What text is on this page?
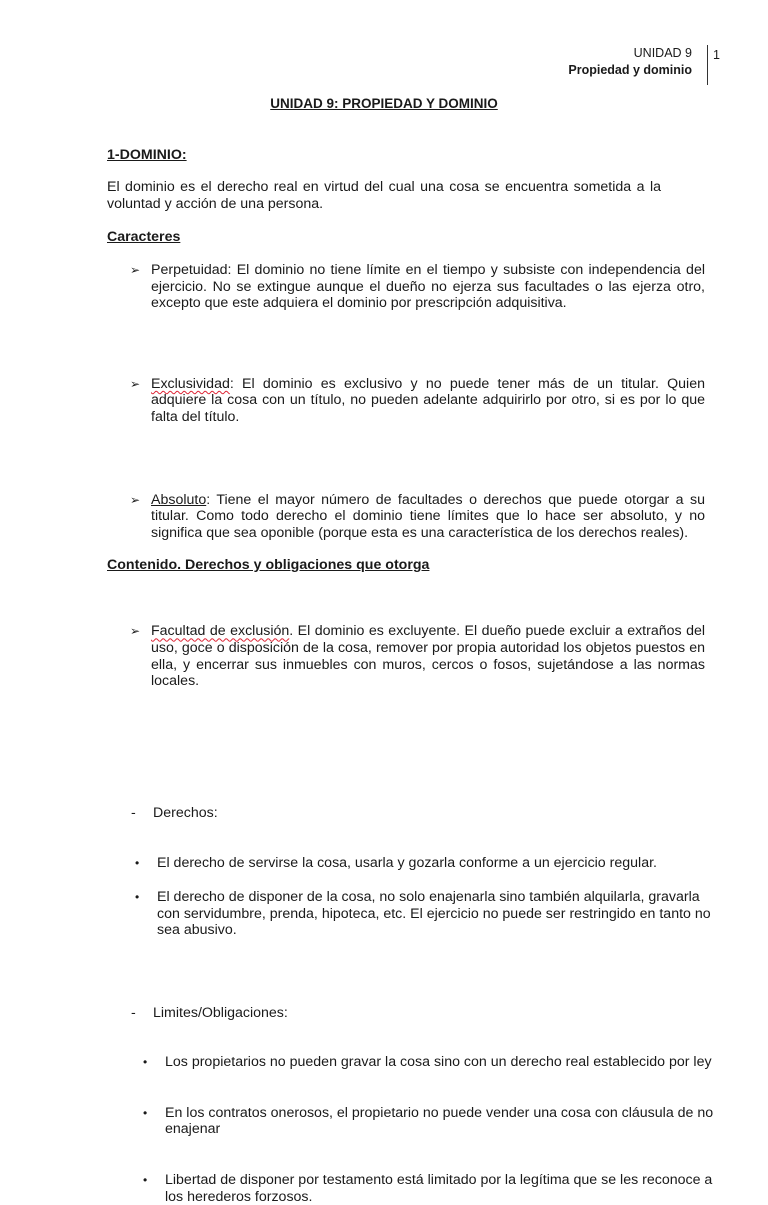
UNIDAD 9
Propiedad y dominio
1
UNIDAD 9: PROPIEDAD Y DOMINIO
1-DOMINIO:
El dominio es el derecho real en virtud del cual una cosa se encuentra sometida a la voluntad y acción de una persona.
Caracteres
➢ Perpetuidad: El dominio no tiene límite en el tiempo y subsiste con independencia del ejercicio. No se extingue aunque el dueño no ejerza sus facultades o las ejerza otro, excepto que este adquiera el dominio por prescripción adquisitiva.
➢ Exclusividad: El dominio es exclusivo y no puede tener más de un titular. Quien adquiere la cosa con un título, no pueden adelante adquirirlo por otro, si es por lo que falta del título.
➢ Absoluto: Tiene el mayor número de facultades o derechos que puede otorgar a su titular. Como todo derecho el dominio tiene límites que lo hace ser absoluto, y no significa que sea oponible (porque esta es una característica de los derechos reales).
➢ Facultad de exclusión. El dominio es excluyente. El dueño puede excluir a extraños del uso, goce o disposición de la cosa, remover por propia autoridad los objetos puestos en ella, y encerrar sus inmuebles con muros, cercos o fosos, sujetándose a las normas locales.
Contenido. Derechos y obligaciones que otorga
- Derechos:
• El derecho de servirse la cosa, usarla y gozarla conforme a un ejercicio regular.
• El derecho de disponer de la cosa, no solo enajenarla sino también alquilarla, gravarla con servidumbre, prenda, hipoteca, etc. El ejercicio no puede ser restringido en tanto no sea abusivo.
- Limites/Obligaciones:
• Los propietarios no pueden gravar la cosa sino con un derecho real establecido por ley
• En los contratos onerosos, el propietario no puede vender una cosa con cláusula de no enajenar
• Libertad de disponer por testamento está limitado por la legítima que se les reconoce a los herederos forzosos.
